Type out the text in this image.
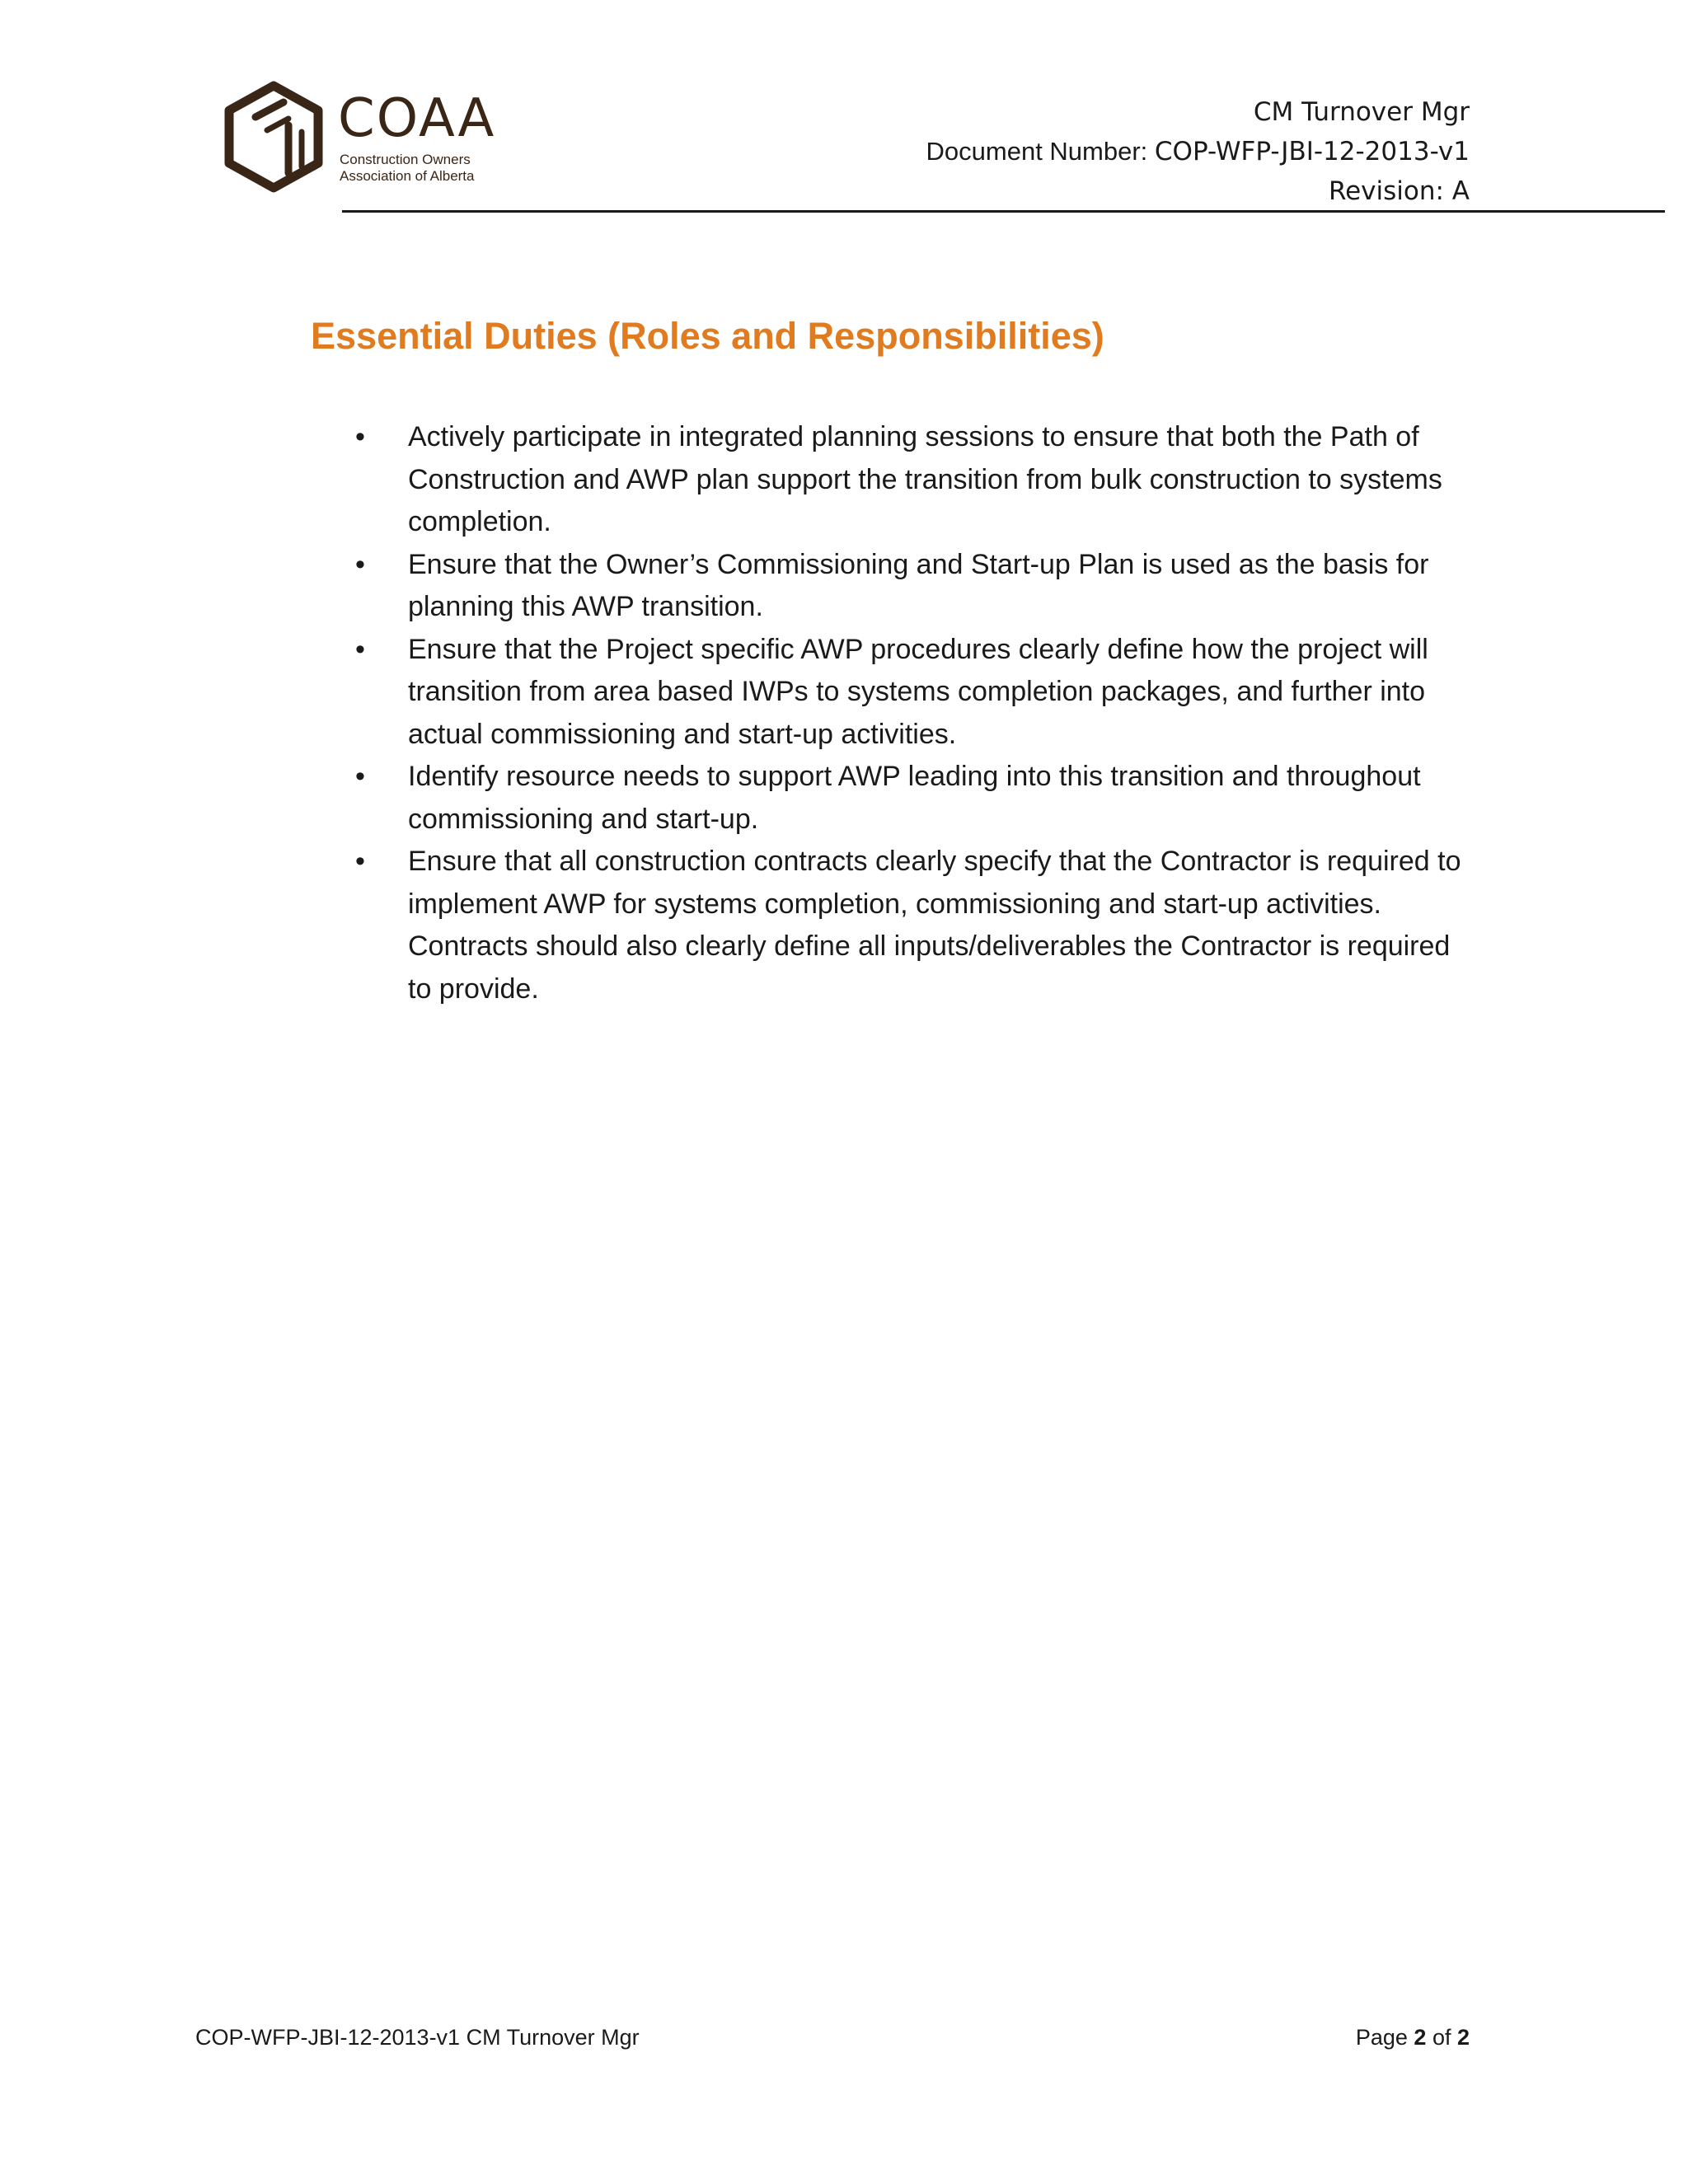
COAA
Construction Owners
Association of Alberta
CM Turnover Mgr
Document Number: COP-WFP-JBI-12-2013-v1
Revision: A
Essential Duties (Roles and Responsibilities)
• Actively participate in integrated planning sessions to ensure that both the Path of Construction and AWP plan support the transition from bulk construction to systems completion.
• Ensure that the Owner’s Commissioning and Start-up Plan is used as the basis for planning this AWP transition.
• Ensure that the Project specific AWP procedures clearly define how the project will transition from area based IWPs to systems completion packages, and further into actual commissioning and start-up activities.
• Identify resource needs to support AWP leading into this transition and throughout commissioning and start-up.
• Ensure that all construction contracts clearly specify that the Contractor is required to implement AWP for systems completion, commissioning and start-up activities. Contracts should also clearly define all inputs/deliverables the Contractor is required to provide.
COP-WFP-JBI-12-2013-v1 CM Turnover Mgr	Page 2 of 2
